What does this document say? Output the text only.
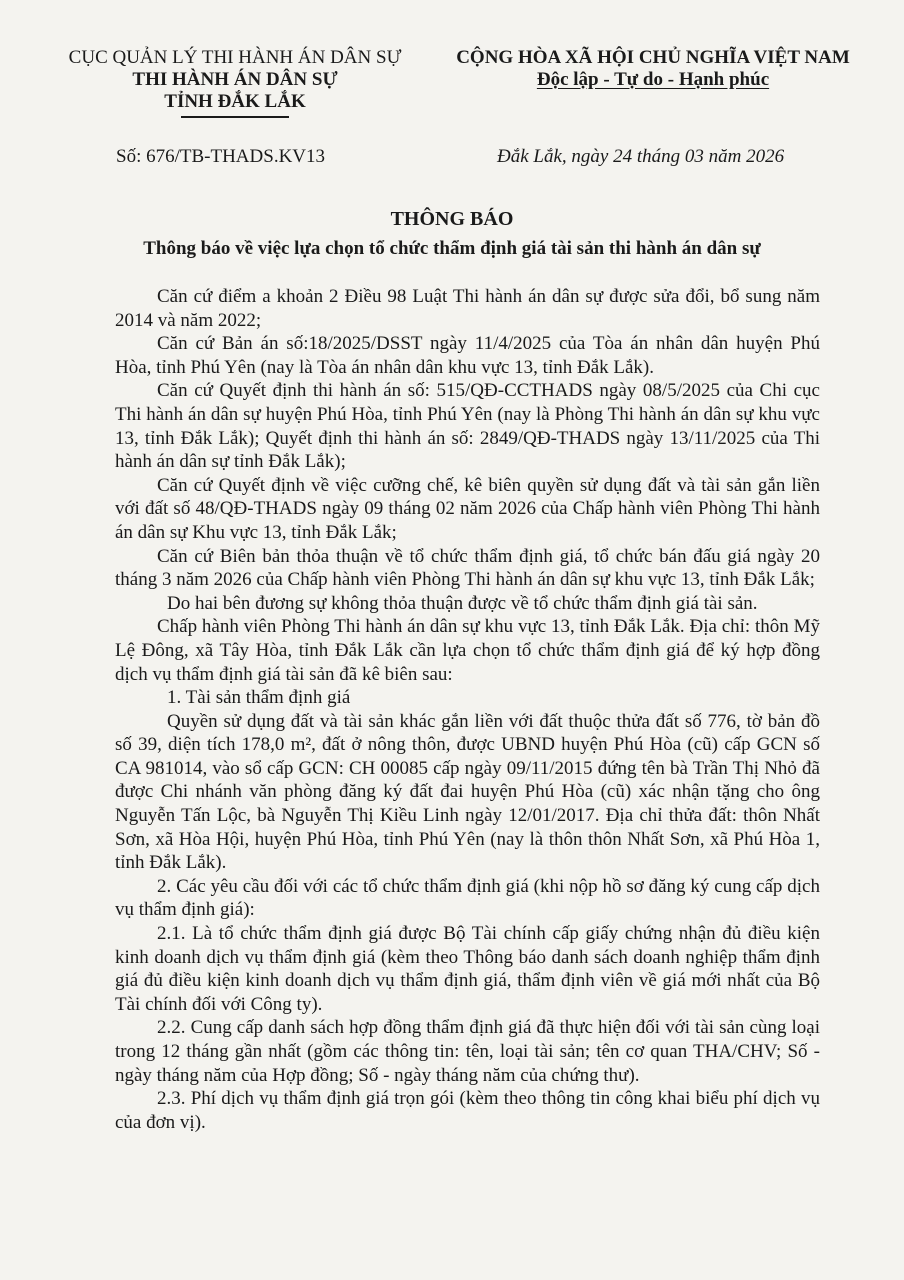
CỤC QUẢN LÝ THI HÀNH ÁN DÂN SỰ
THI HÀNH ÁN DÂN SỰ
TỈNH ĐẮK LẮK
CỘNG HÒA XÃ HỘI CHỦ NGHĨA VIỆT NAM
Độc lập - Tự do - Hạnh phúc
Số: 676/TB-THADS.KV13	Đắk Lắk, ngày 24 tháng 03 năm 2026
THÔNG BÁO
Thông báo về việc lựa chọn tổ chức thẩm định giá tài sản thi hành án dân sự

Căn cứ điểm a khoản 2 Điều 98 Luật Thi hành án dân sự được sửa đổi, bổ sung năm 2014 và năm 2022;

Căn cứ Bản án số:18/2025/DSST ngày 11/4/2025 của Tòa án nhân dân huyện Phú Hòa, tỉnh Phú Yên (nay là Tòa án nhân dân khu vực 13, tỉnh Đắk Lắk).

Căn cứ Quyết định thi hành án số: 515/QĐ-CCTHADS ngày 08/5/2025 của Chi cục Thi hành án dân sự huyện Phú Hòa, tỉnh Phú Yên (nay là Phòng Thi hành án dân sự khu vực 13, tỉnh Đắk Lắk); Quyết định thi hành án số: 2849/QĐ-THADS ngày 13/11/2025 của Thi hành án dân sự tỉnh Đắk Lắk);

Căn cứ Quyết định về việc cưỡng chế, kê biên quyền sử dụng đất và tài sản gắn liền với đất số 48/QĐ-THADS ngày 09 tháng 02 năm 2026 của Chấp hành viên Phòng Thi hành án dân sự Khu vực 13, tỉnh Đắk Lắk;

Căn cứ Biên bản thỏa thuận về tổ chức thẩm định giá, tổ chức bán đấu giá ngày 20 tháng 3 năm 2026 của Chấp hành viên Phòng Thi hành án dân sự khu vực 13, tỉnh Đắk Lắk;

Do hai bên đương sự không thỏa thuận được về tổ chức thẩm định giá tài sản.

Chấp hành viên Phòng Thi hành án dân sự khu vực 13, tỉnh Đắk Lắk. Địa chỉ: thôn Mỹ Lệ Đông, xã Tây Hòa, tỉnh Đắk Lắk cần lựa chọn tổ chức thẩm định giá để ký hợp đồng dịch vụ thẩm định giá tài sản đã kê biên sau:

1. Tài sản thẩm định giá

Quyền sử dụng đất và tài sản khác gắn liền với đất thuộc thửa đất số 776, tờ bản đồ số 39, diện tích 178,0 m², đất ở nông thôn, được UBND huyện Phú Hòa (cũ) cấp GCN số CA 981014, vào sổ cấp GCN: CH 00085 cấp ngày 09/11/2015 đứng tên bà Trần Thị Nhỏ đã được Chi nhánh văn phòng đăng ký đất đai huyện Phú Hòa (cũ) xác nhận tặng cho ông Nguyễn Tấn Lộc, bà Nguyễn Thị Kiều Linh ngày 12/01/2017. Địa chỉ thửa đất: thôn Nhất Sơn, xã Hòa Hội, huyện Phú Hòa, tỉnh Phú Yên (nay là thôn thôn Nhất Sơn, xã Phú Hòa 1, tỉnh Đắk Lắk).

2. Các yêu cầu đối với các tổ chức thẩm định giá (khi nộp hồ sơ đăng ký cung cấp dịch vụ thẩm định giá):

2.1. Là tổ chức thẩm định giá được Bộ Tài chính cấp giấy chứng nhận đủ điều kiện kinh doanh dịch vụ thẩm định giá (kèm theo Thông báo danh sách doanh nghiệp thẩm định giá đủ điều kiện kinh doanh dịch vụ thẩm định giá, thẩm định viên về giá mới nhất của Bộ Tài chính đối với Công ty).

2.2. Cung cấp danh sách hợp đồng thẩm định giá đã thực hiện đối với tài sản cùng loại trong 12 tháng gần nhất (gồm các thông tin: tên, loại tài sản; tên cơ quan THA/CHV; Số - ngày tháng năm của Hợp đồng; Số - ngày tháng năm của chứng thư).

2.3. Phí dịch vụ thẩm định giá trọn gói (kèm theo thông tin công khai biểu phí dịch vụ của đơn vị).
